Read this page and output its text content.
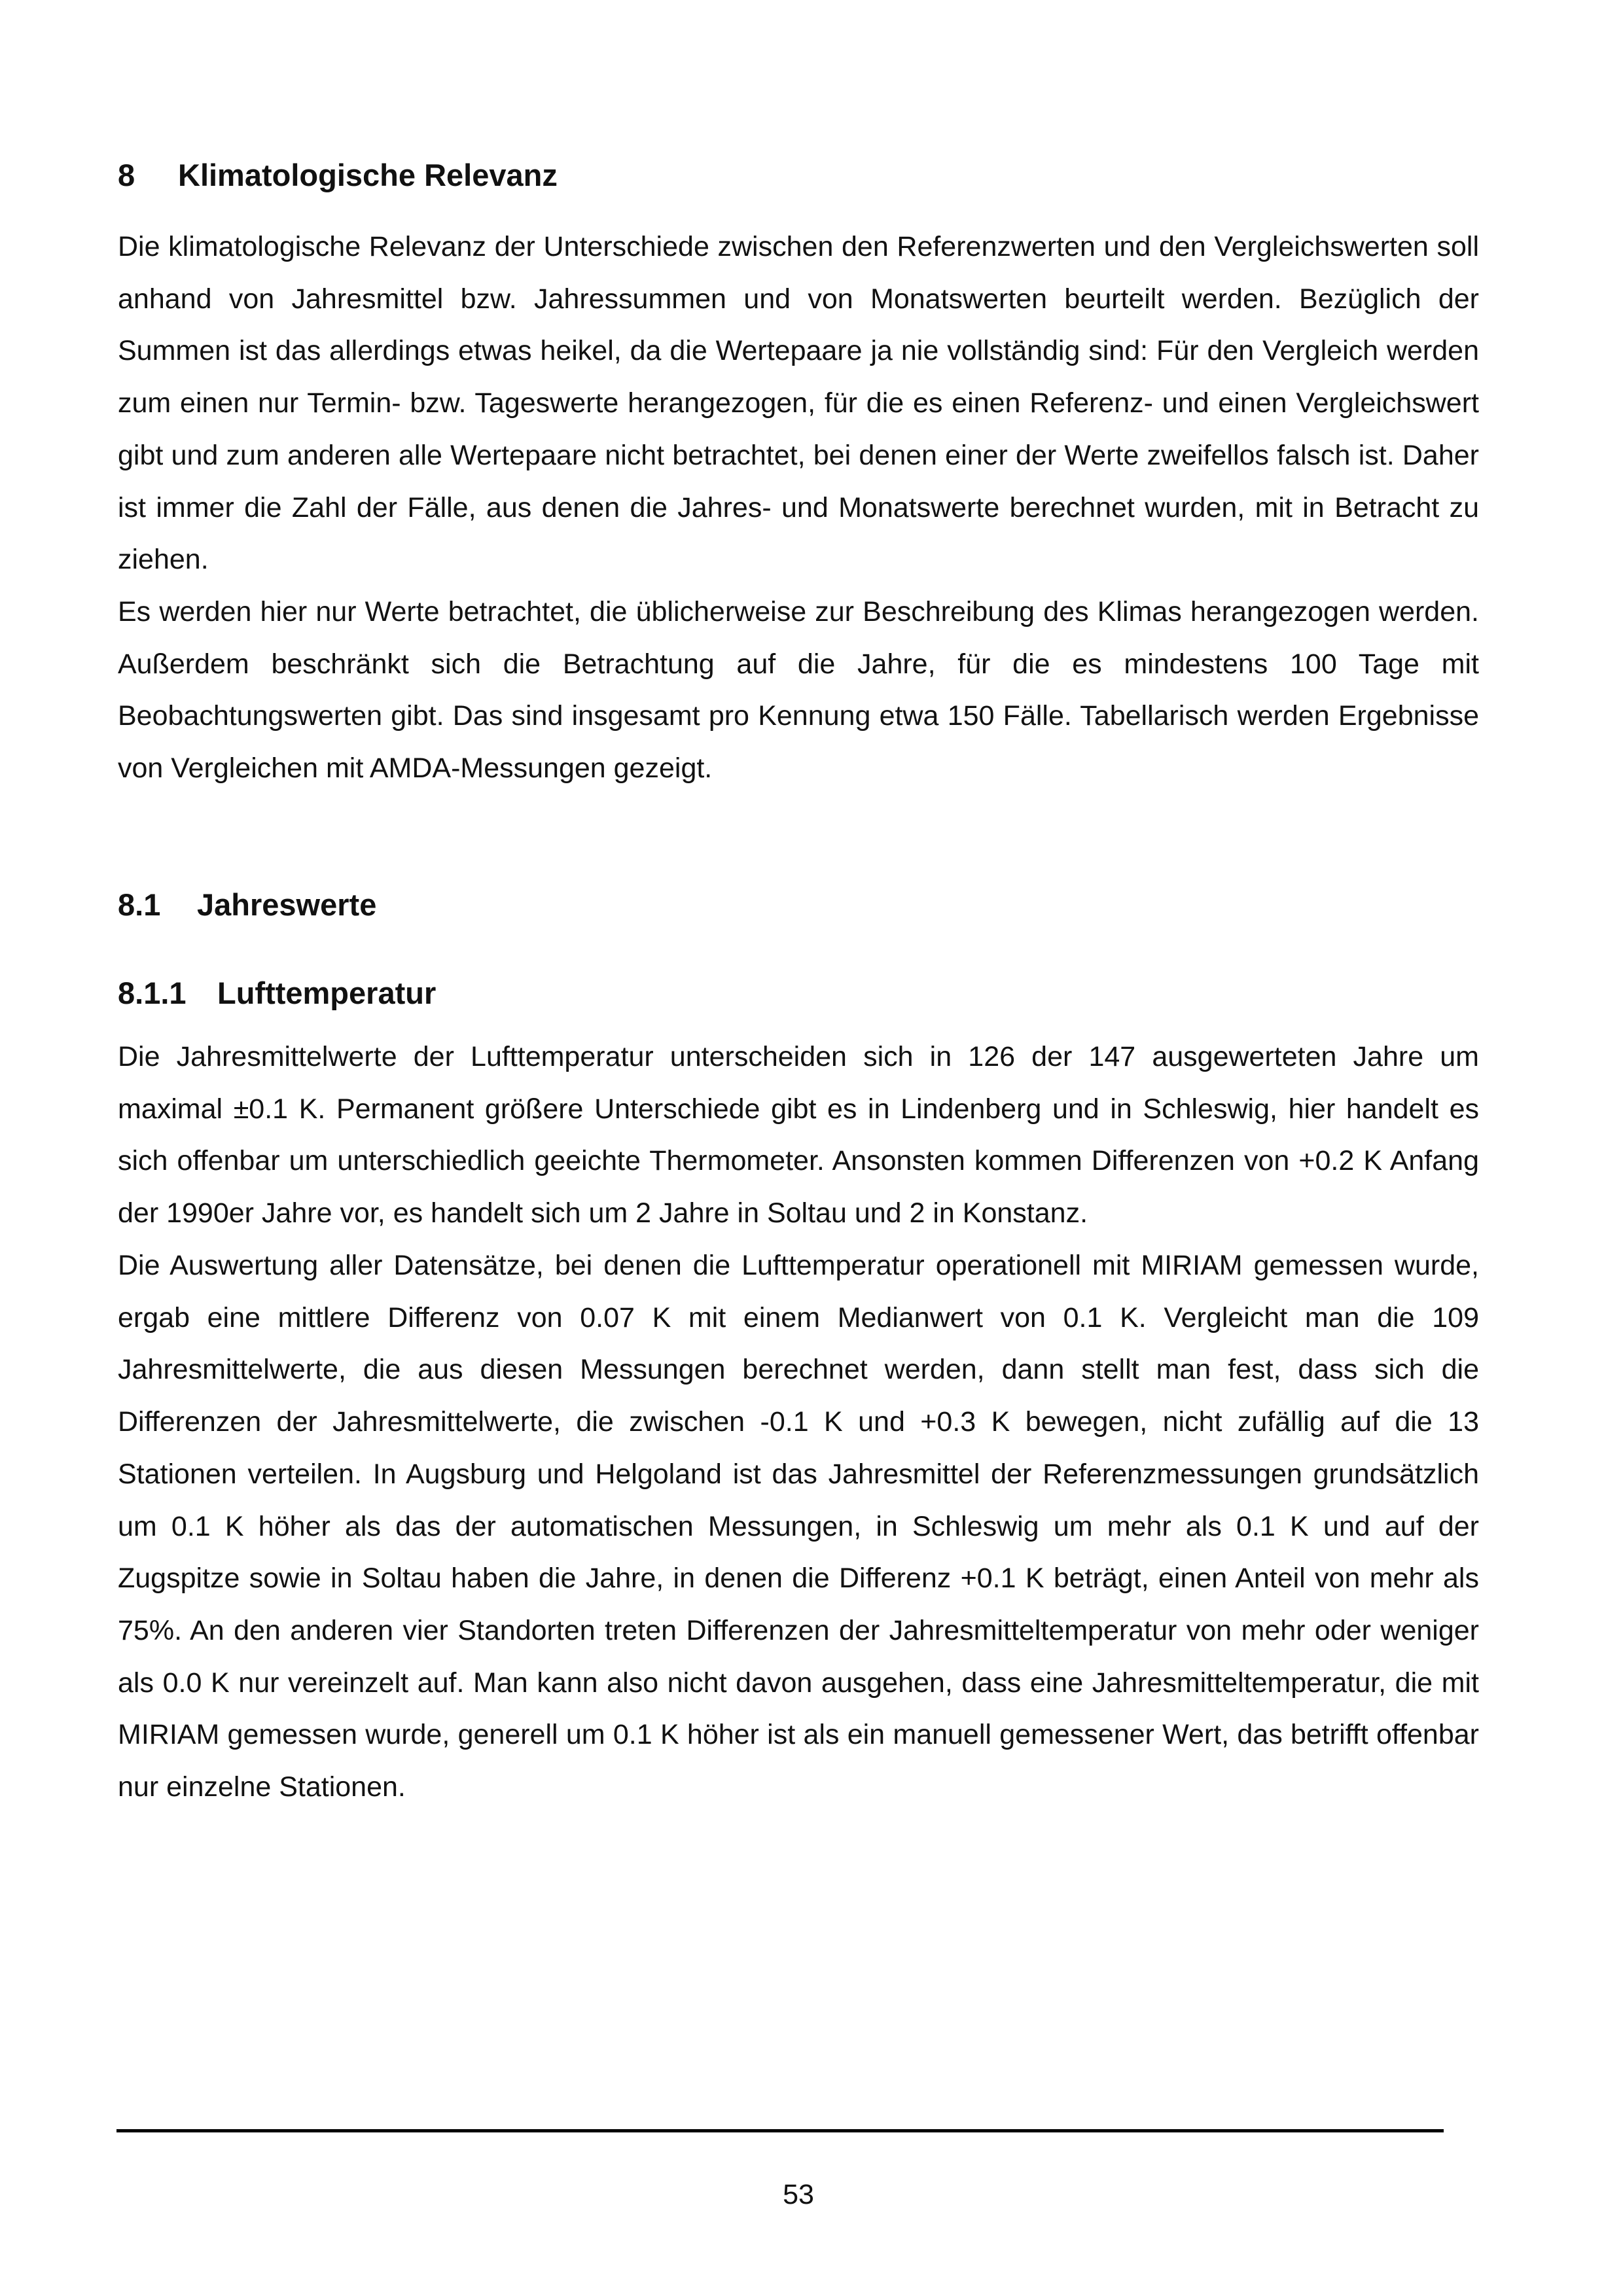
8 Klimatologische Relevanz

Die klimatologische Relevanz der Unterschiede zwischen den Referenzwerten und den Vergleichswerten soll anhand von Jahresmittel bzw. Jahressummen und von Monatswerten beurteilt werden. Bezüglich der Summen ist das allerdings etwas heikel, da die Wertepaare ja nie vollständig sind: Für den Vergleich werden zum einen nur Termin- bzw. Tageswerte herangezogen, für die es einen Referenz- und einen Vergleichswert gibt und zum anderen alle Wertepaare nicht betrachtet, bei denen einer der Werte zweifellos falsch ist. Daher ist immer die Zahl der Fälle, aus denen die Jahres- und Monatswerte berechnet wurden, mit in Betracht zu ziehen.

Es werden hier nur Werte betrachtet, die üblicherweise zur Beschreibung des Klimas herangezogen werden. Außerdem beschränkt sich die Betrachtung auf die Jahre, für die es mindestens 100 Tage mit Beobachtungswerten gibt. Das sind insgesamt pro Kennung etwa 150 Fälle. Tabellarisch werden Ergebnisse von Vergleichen mit AMDA-Messungen gezeigt.

8.1 Jahreswerte
8.1.1 Lufttemperatur

Die Jahresmittelwerte der Lufttemperatur unterscheiden sich in 126 der 147 ausgewerteten Jahre um maximal ±0.1 K. Permanent größere Unterschiede gibt es in Lindenberg und in Schleswig, hier handelt es sich offenbar um unterschiedlich geeichte Thermometer. Ansonsten kommen Differenzen von +0.2 K Anfang der 1990er Jahre vor, es handelt sich um 2 Jahre in Soltau und 2 in Konstanz.

Die Auswertung aller Datensätze, bei denen die Lufttemperatur operationell mit MIRIAM gemessen wurde, ergab eine mittlere Differenz von 0.07 K mit einem Medianwert von 0.1 K. Vergleicht man die 109 Jahresmittelwerte, die aus diesen Messungen berechnet werden, dann stellt man fest, dass sich die Differenzen der Jahresmittelwerte, die zwischen -0.1 K und +0.3 K bewegen, nicht zufällig auf die 13 Stationen verteilen. In Augsburg und Helgoland ist das Jahresmittel der Referenzmessungen grundsätzlich um 0.1 K höher als das der automatischen Messungen, in Schleswig um mehr als 0.1 K und auf der Zugspitze sowie in Soltau haben die Jahre, in denen die Differenz +0.1 K beträgt, einen Anteil von mehr als 75%. An den anderen vier Standorten treten Differenzen der Jahresmitteltemperatur von mehr oder weniger als 0.0 K nur vereinzelt auf. Man kann also nicht davon ausgehen, dass eine Jahresmitteltemperatur, die mit MIRIAM gemessen wurde, generell um 0.1 K höher ist als ein manuell gemessener Wert, das betrifft offenbar nur einzelne Stationen.

53
